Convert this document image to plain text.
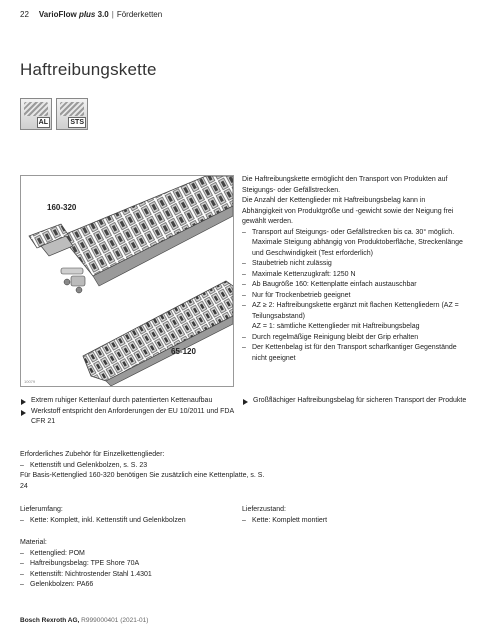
22 VarioFlow plus 3.0 | Förderketten
Haftreibungskette
AL	STS
160-320
65-120
10079

Die Haftreibungskette ermöglicht den Transport von Produkten auf Steigungs- oder Gefällstrecken.

Die Anzahl der Kettenglieder mit Haftreibungsbelag kann in Abhängigkeit von Produktgröße und -gewicht sowie der Neigung frei gewählt werden.

– Transport auf Steigungs- oder Gefällstrecken bis ca. 30° möglich. Maximale Steigung abhängig von Produktoberfläche, Streckenlänge und Geschwindigkeit (Test erforderlich)
– Staubetrieb nicht zulässig
– Maximale Kettenzugkraft: 1250 N
– Ab Baugröße 160: Kettenplatte einfach austauschbar
– Nur für Trockenbetrieb geeignet
– AZ ≥ 2: Haftreibungskette ergänzt mit flachen Kettengliedern (AZ = Teilungsabstand)
AZ = 1: sämtliche Kettenglieder mit Haftreibungsbelag
– Durch regelmäßige Reinigung bleibt der Grip erhalten
– Der Kettenbelag ist für den Transport scharfkantiger Gegenstände nicht geeignet
Extrem ruhiger Kettenlauf durch patentierten Kettenaufbau
Werkstoff entspricht den Anforderungen der EU 10/2011 und FDA CFR 21
Großflächiger Haftreibungsbelag für sicheren Transport der Produkte
Erforderliches Zubehör für Einzelkettenglieder:
– Kettenstift und Gelenkbolzen, s. S. 23
Für Basis-Kettenglied 160-320 benötigen Sie zusätzlich eine Kettenplatte, s. S. 24
Lieferumfang:
– Kette: Komplett, inkl. Kettenstift und Gelenkbolzen
Lieferzustand:
– Kette: Komplett montiert
Material:
– Kettenglied: POM
– Haftreibungsbelag: TPE Shore 70A
– Kettenstift: Nichtrostender Stahl 1.4301
– Gelenkbolzen: PA66
Bosch Rexroth AG, R999000401 (2021-01)
